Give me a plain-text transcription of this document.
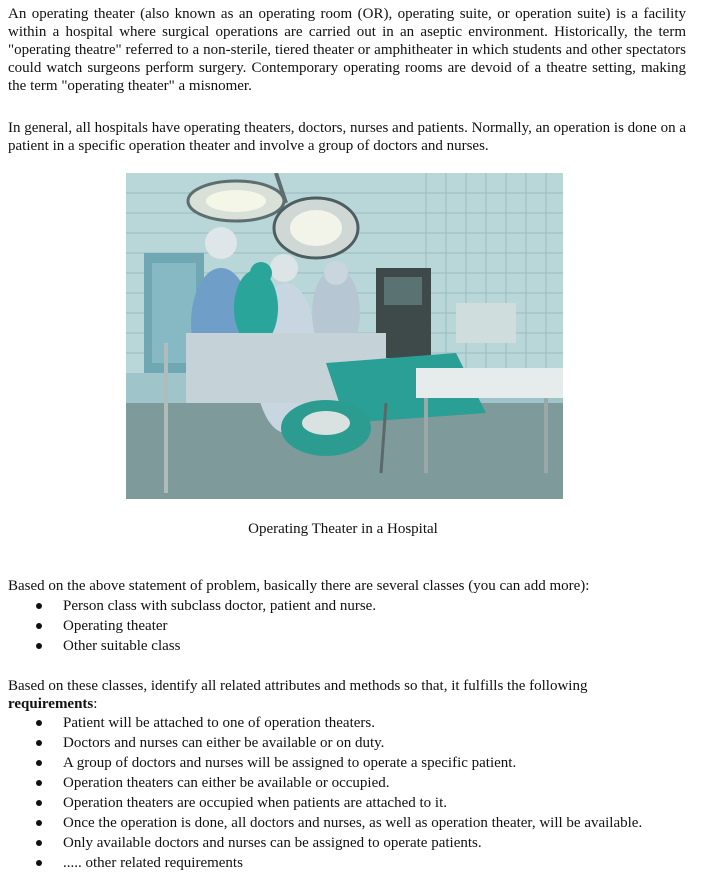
An operating theater (also known as an operating room (OR), operating suite, or operation suite) is a facility within a hospital where surgical operations are carried out in an aseptic environment. Historically, the term "operating theatre" referred to a non-sterile, tiered theater or amphitheater in which students and other spectators could watch surgeons perform surgery. Contemporary operating rooms are devoid of a theatre setting, making the term "operating theater" a misnomer.

In general, all hospitals have operating theaters, doctors, nurses and patients. Normally, an operation is done on a patient in a specific operation theater and involve a group of doctors and nurses.

Operating Theater in a Hospital

Based on the above statement of problem, basically there are several classes (you can add more):

Person class with subclass doctor, patient and nurse.
Operating theater
Other suitable class

Based on these classes, identify all related attributes and methods so that, it fulfills the following
requirements:

Patient will be attached to one of operation theaters.
Doctors and nurses can either be available or on duty.
A group of doctors and nurses will be assigned to operate a specific patient.
Operation theaters can either be available or occupied.
Operation theaters are occupied when patients are attached to it.
Once the operation is done, all doctors and nurses, as well as operation theater, will be available.
Only available doctors and nurses can be assigned to operate patients.
..... other related requirements
